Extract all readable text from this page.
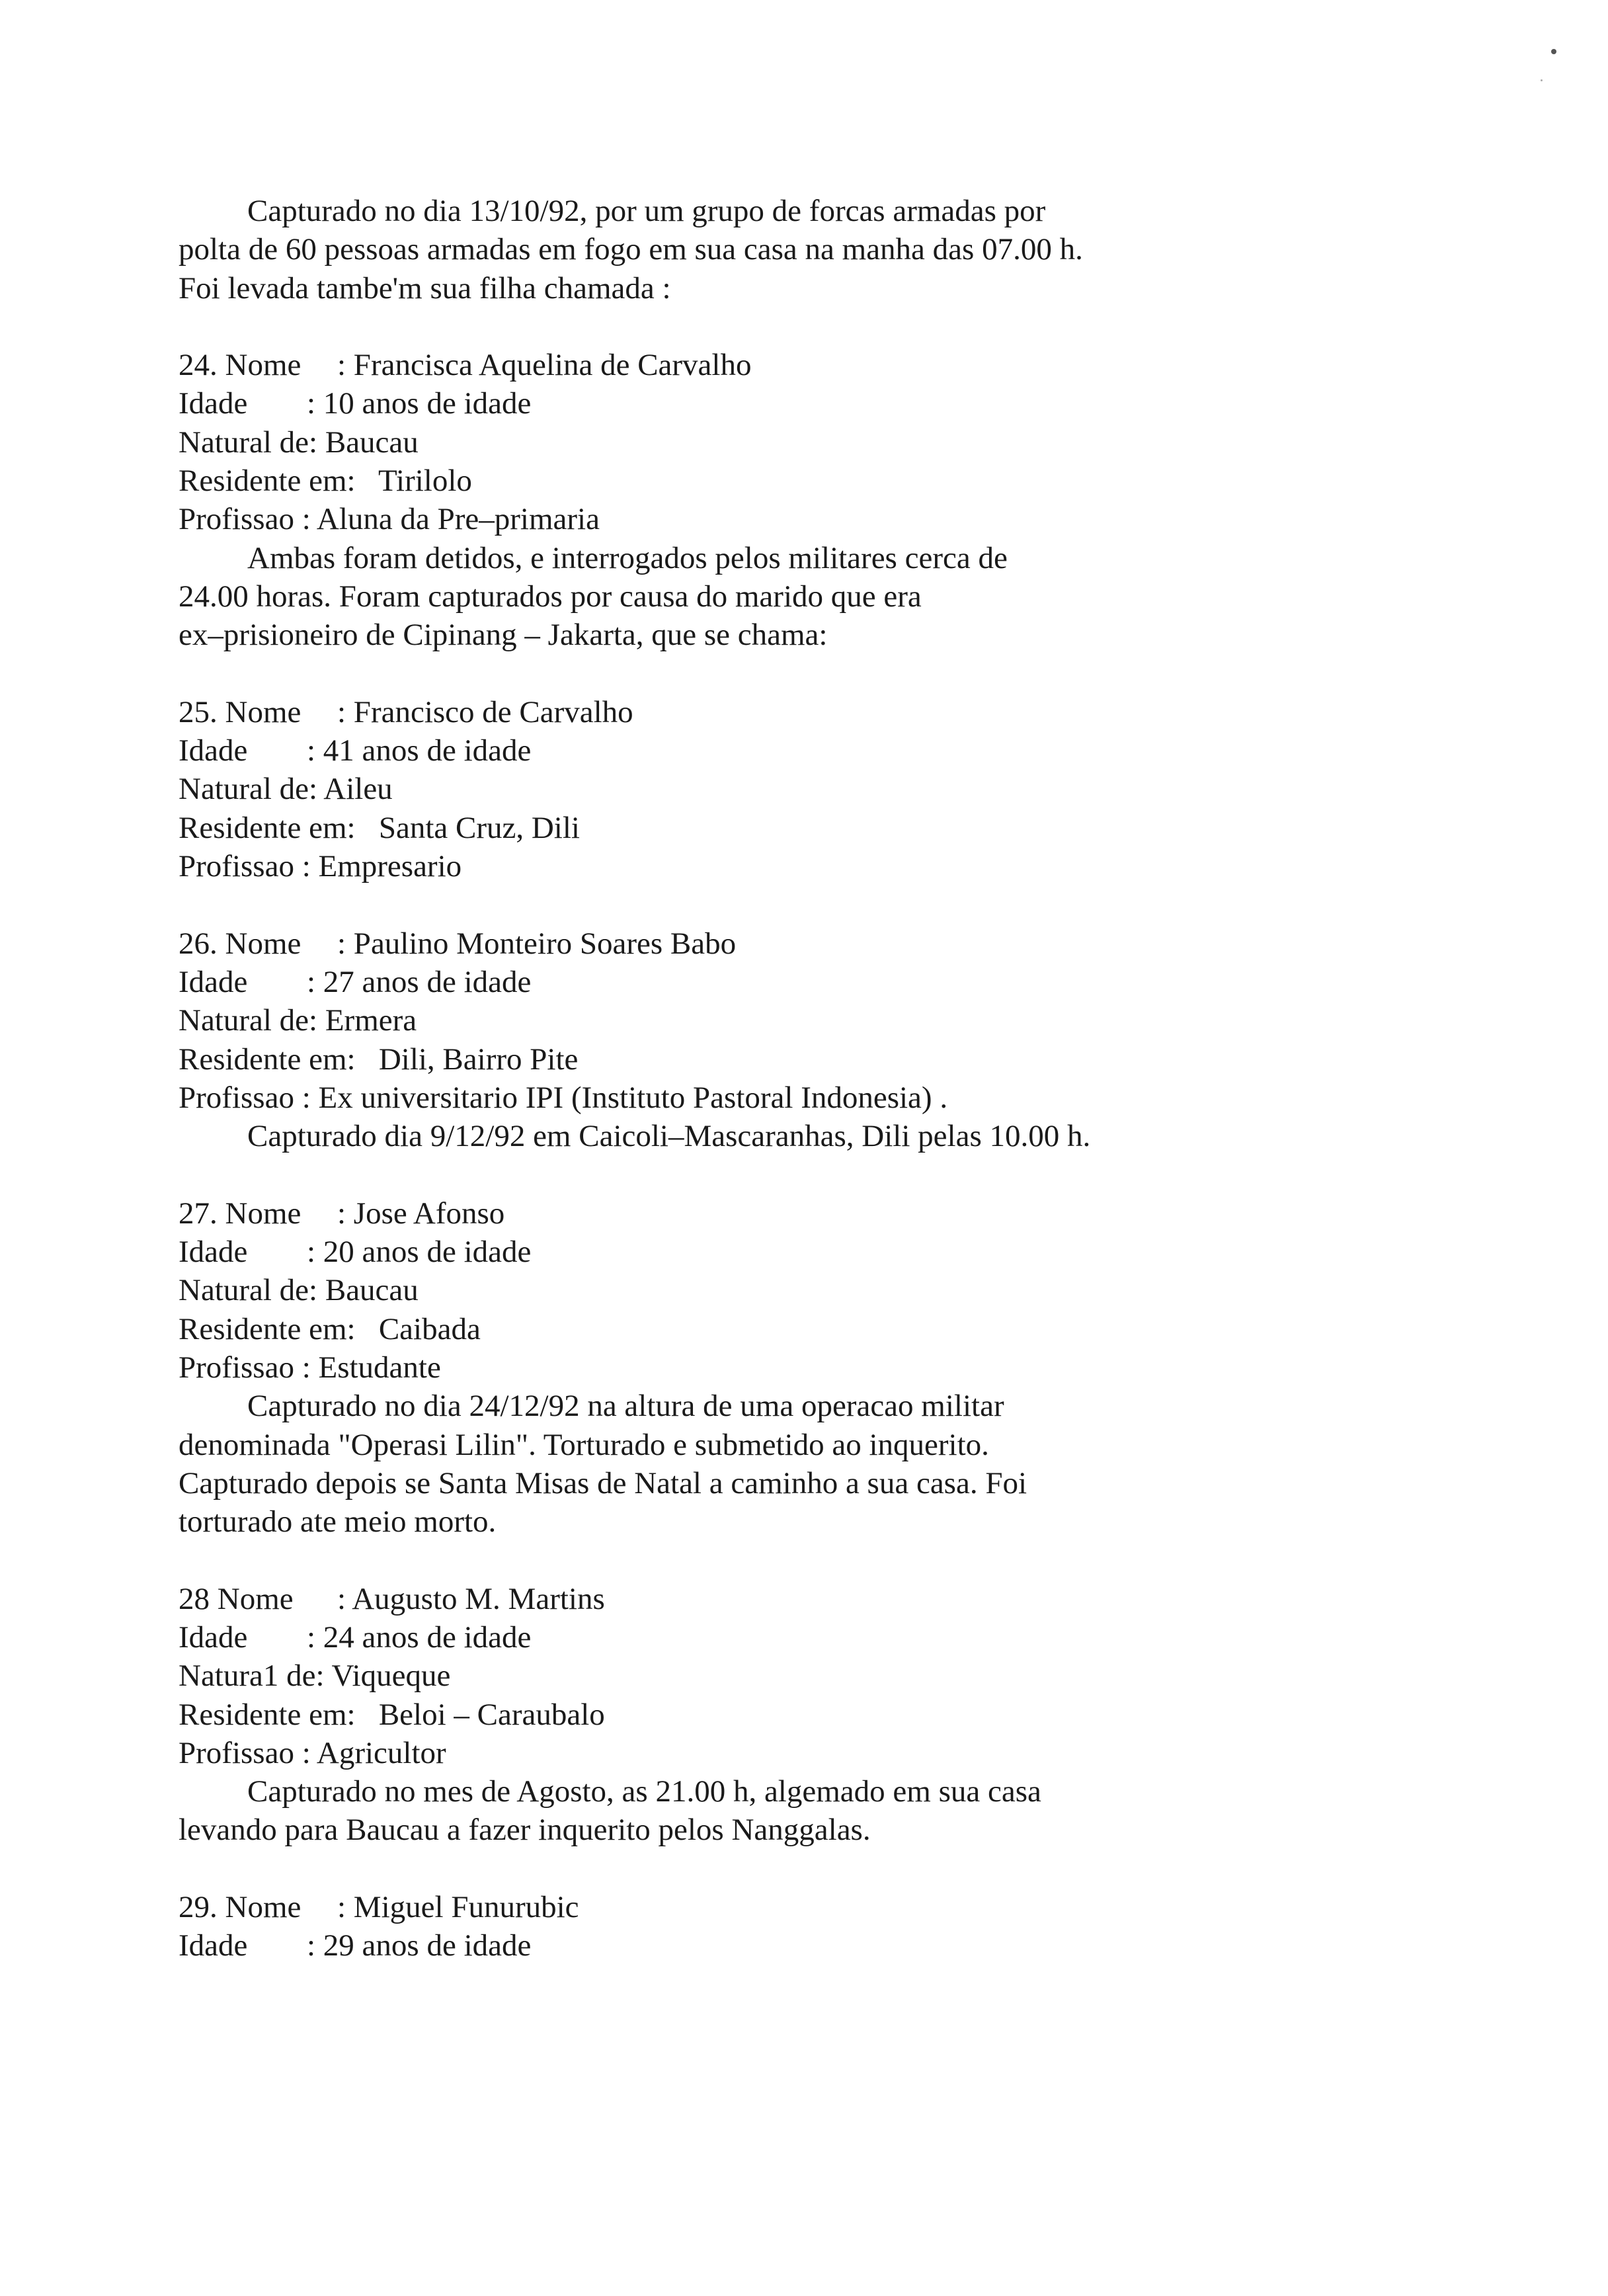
Capturado no dia 13/10/92, por um grupo de forcas armadas por
polta de 60 pessoas armadas em fogo em sua casa na manha das 07.00 h.
Foi levada tambe'm sua filha chamada :
24. Nome : Francisca Aquelina de Carvalho
Idade : 10 anos de idade
Natural de: Baucau
Residente em:   Tirilolo
Profissao : Aluna da Pre–primaria
Ambas foram detidos, e interrogados pelos militares cerca de
24.00 horas. Foram capturados por causa do marido que era
ex–prisioneiro de Cipinang – Jakarta, que se chama:
25. Nome : Francisco de Carvalho
Idade : 41 anos de idade
Natural de: Aileu
Residente em:   Santa Cruz, Dili
Profissao : Empresario
26. Nome : Paulino Monteiro Soares Babo
Idade : 27 anos de idade
Natural de: Ermera
Residente em:   Dili, Bairro Pite
Profissao : Ex universitario IPI (Instituto Pastoral Indonesia) .
Capturado dia 9/12/92 em Caicoli–Mascaranhas, Dili pelas 10.00 h.
27. Nome : Jose Afonso
Idade : 20 anos de idade
Natural de: Baucau
Residente em:   Caibada
Profissao : Estudante
Capturado no dia 24/12/92 na altura de uma operacao militar
denominada "Operasi Lilin". Torturado e submetido ao inquerito.
Capturado depois se Santa Misas de Natal a caminho a sua casa. Foi
torturado ate meio morto.
28 Nome : Augusto M. Martins
Idade : 24 anos de idade
Natura1 de: Viqueque
Residente em:   Beloi – Caraubalo
Profissao : Agricultor
Capturado no mes de Agosto, as 21.00 h, algemado em sua casa
levando para Baucau a fazer inquerito pelos Nanggalas.
29. Nome : Miguel Funurubic
Idade : 29 anos de idade
